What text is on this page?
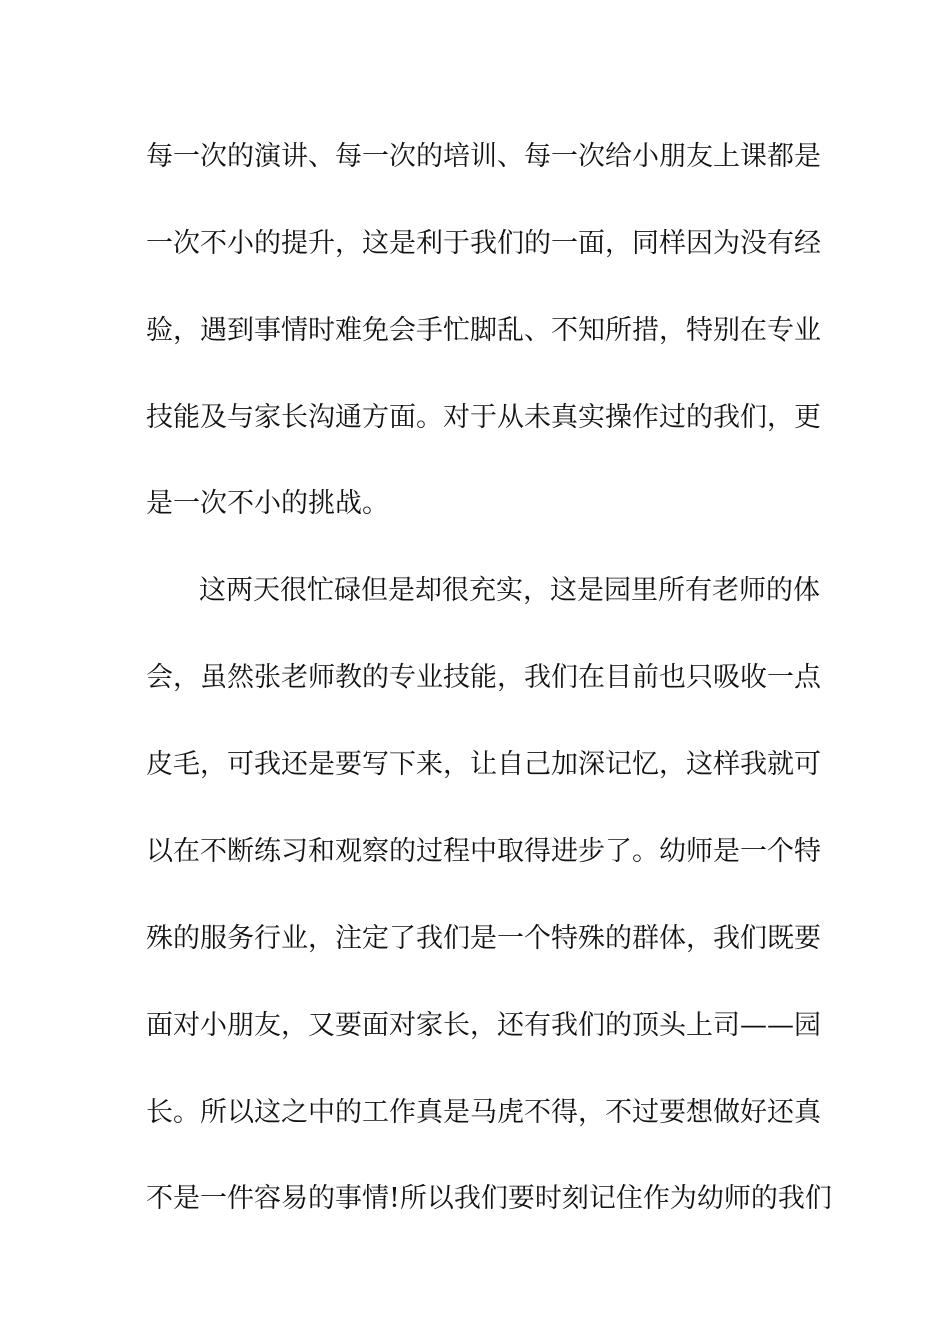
每一次的演讲、每一次的培训、每一次给小朋友上课都是
一次不小的提升，这是利于我们的一面，同样因为没有经
验，遇到事情时难免会手忙脚乱、不知所措，特别在专业
技能及与家长沟通方面。对于从未真实操作过的我们，更
是一次不小的挑战。
这两天很忙碌但是却很充实，这是园里所有老师的体
会，虽然张老师教的专业技能，我们在目前也只吸收一点
皮毛，可我还是要写下来，让自己加深记忆，这样我就可
以在不断练习和观察的过程中取得进步了。幼师是一个特
殊的服务行业，注定了我们是一个特殊的群体，我们既要
面对小朋友，又要面对家长，还有我们的顶头上司——园
长。所以这之中的工作真是马虎不得，不过要想做好还真
不是一件容易的事情!所以我们要时刻记住作为幼师的我们
